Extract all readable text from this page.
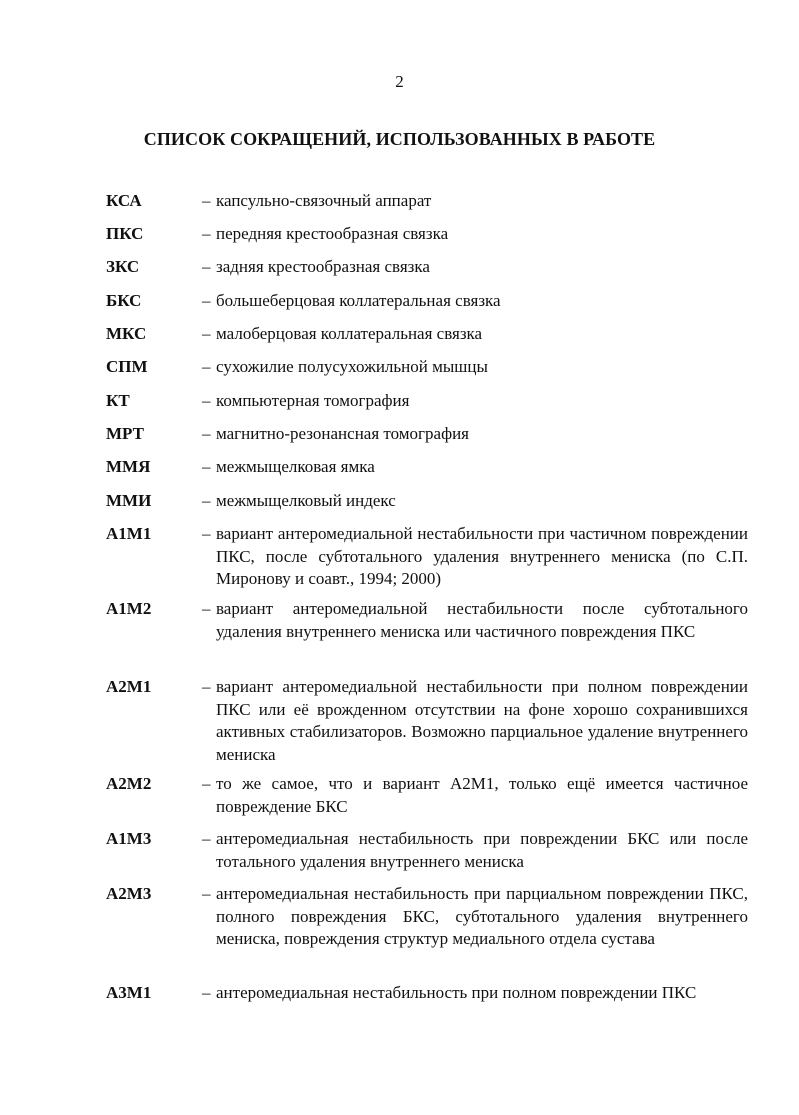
2
СПИСОК СОКРАЩЕНИЙ, ИСПОЛЬЗОВАННЫХ В РАБОТЕ
КСА	– капсульно-связочный аппарат
ПКС	– передняя крестообразная связка
ЗКС	– задняя крестообразная связка
БКС	– большеберцовая коллатеральная связка
МКС	– малоберцовая коллатеральная связка
СПМ	– сухожилие полусухожильной мышцы
КТ	– компьютерная томография
МРТ	– магнитно-резонансная томография
ММЯ	– межмыщелковая ямка
ММИ	– межмыщелковый индекс
А1М1	– вариант антеромедиальной нестабильности при частичном повреждении ПКС, после субтотального удаления внутреннего мениска (по С.П. Миронову и соавт., 1994; 2000)
А1М2	– вариант антеромедиальной нестабильности после субтотального удаления внутреннего мениска или частичного повреждения ПКС
А2М1	– вариант антеромедиальной нестабильности при полном повреждении ПКС или её врожденном отсутствии на фоне хорошо сохранившихся активных стабилизаторов. Возможно парциальное удаление внутреннего мениска
А2М2	– то же самое, что и вариант А2М1, только ещё имеется частичное повреждение БКС
А1М3	– антеромедиальная нестабильность при повреждении БКС или после тотального удаления внутреннего мениска
А2М3	– антеромедиальная нестабильность при парциальном повреждении ПКС, полного повреждения БКС, субтотального удаления внутреннего мениска, повреждения структур медиального отдела сустава
А3М1	– антеромедиальная нестабильность при полном повреждении ПКС
